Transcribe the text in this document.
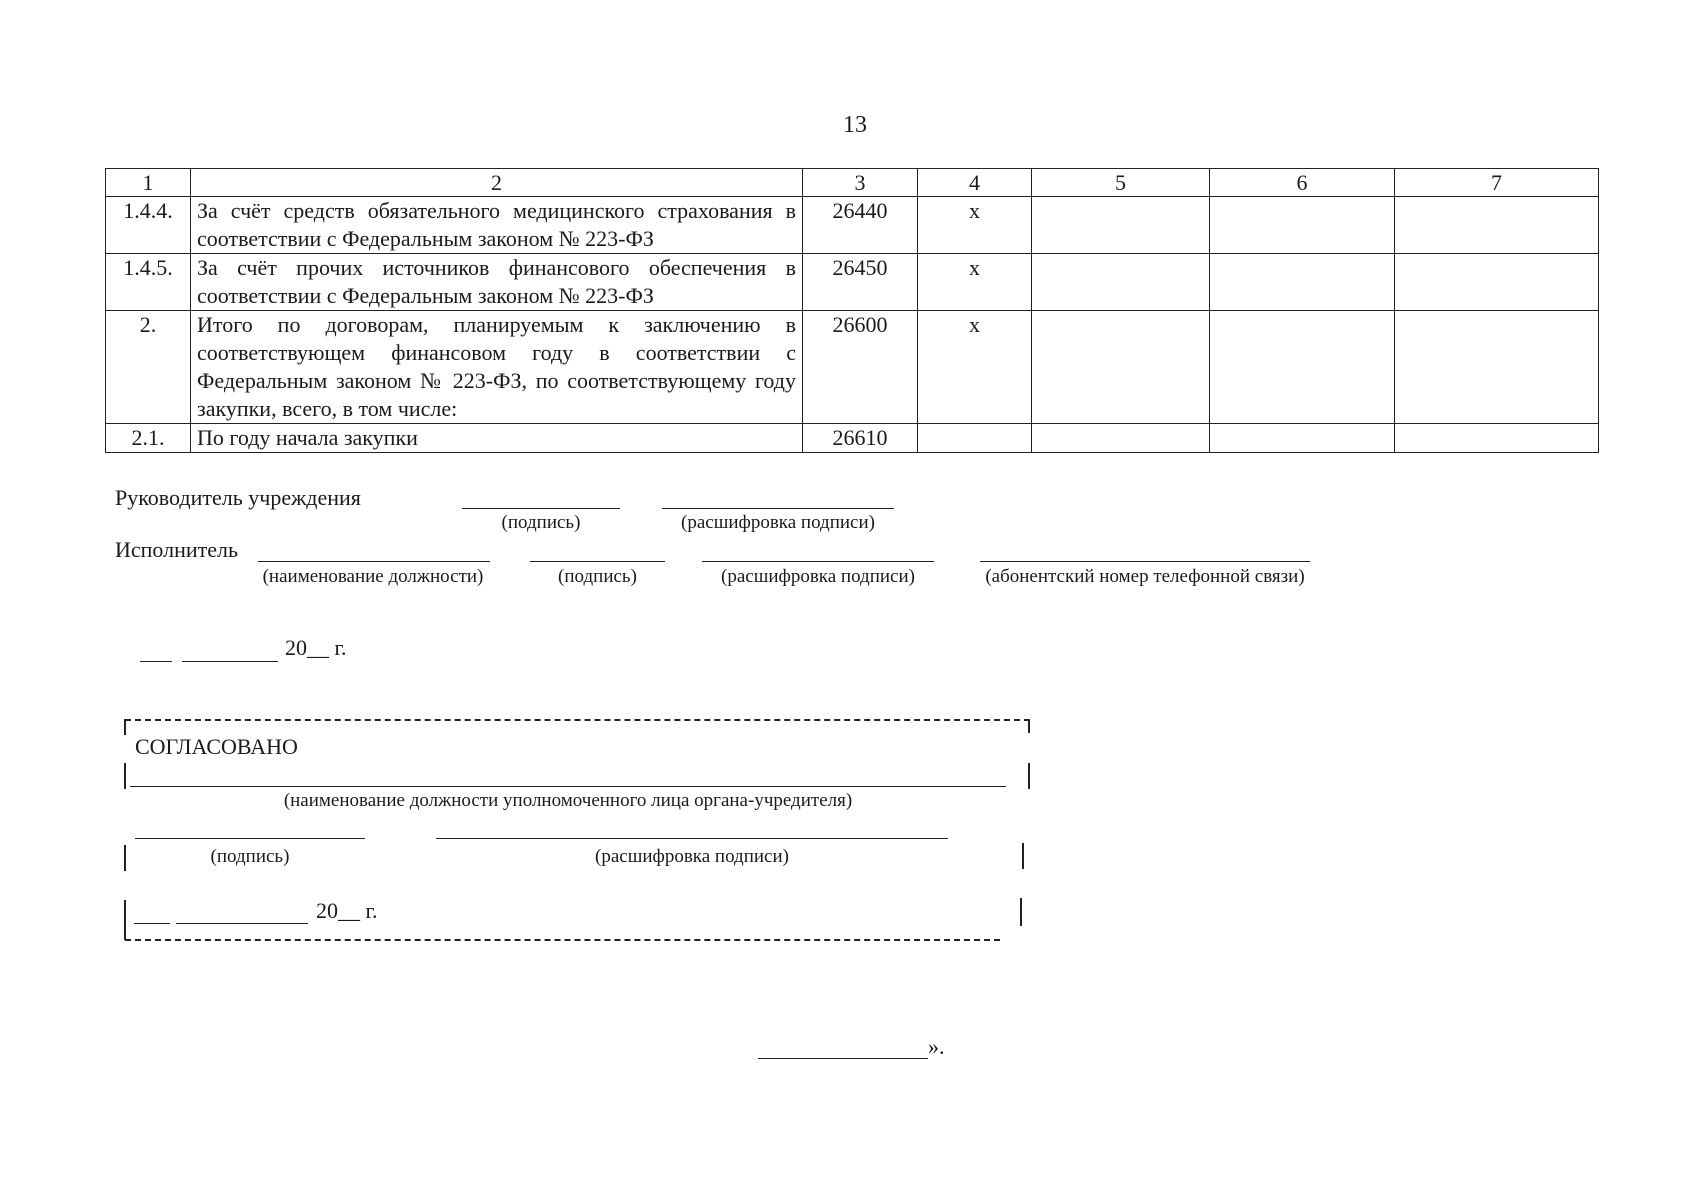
13
1	2	3	4	5	6	7
1.4.4.	За счёт средств обязательного медицинского страхования в соответствии с Федеральным законом № 223-ФЗ	26440	х			
1.4.5.	За счёт прочих источников финансового обеспечения в соответствии с Федеральным законом № 223-ФЗ	26450	х			
2.	Итого по договорам, планируемым к заключению в соответствующем финансовом году в соответствии с Федеральным законом № 223-ФЗ, по соответствующему году закупки, всего, в том числе:	26600	х			
2.1.	По году начала закупки	26610				
Руководитель учреждения
(подпись)	(расшифровка подписи)
Исполнитель
(наименование должности)	(подпись)	(расшифровка подписи)	(абонентский номер телефонной связи)
20__ г.
СОГЛАСОВАНО
(наименование должности уполномоченного лица органа-учредителя)
(подпись)	(расшифровка подписи)
20__ г.
».
